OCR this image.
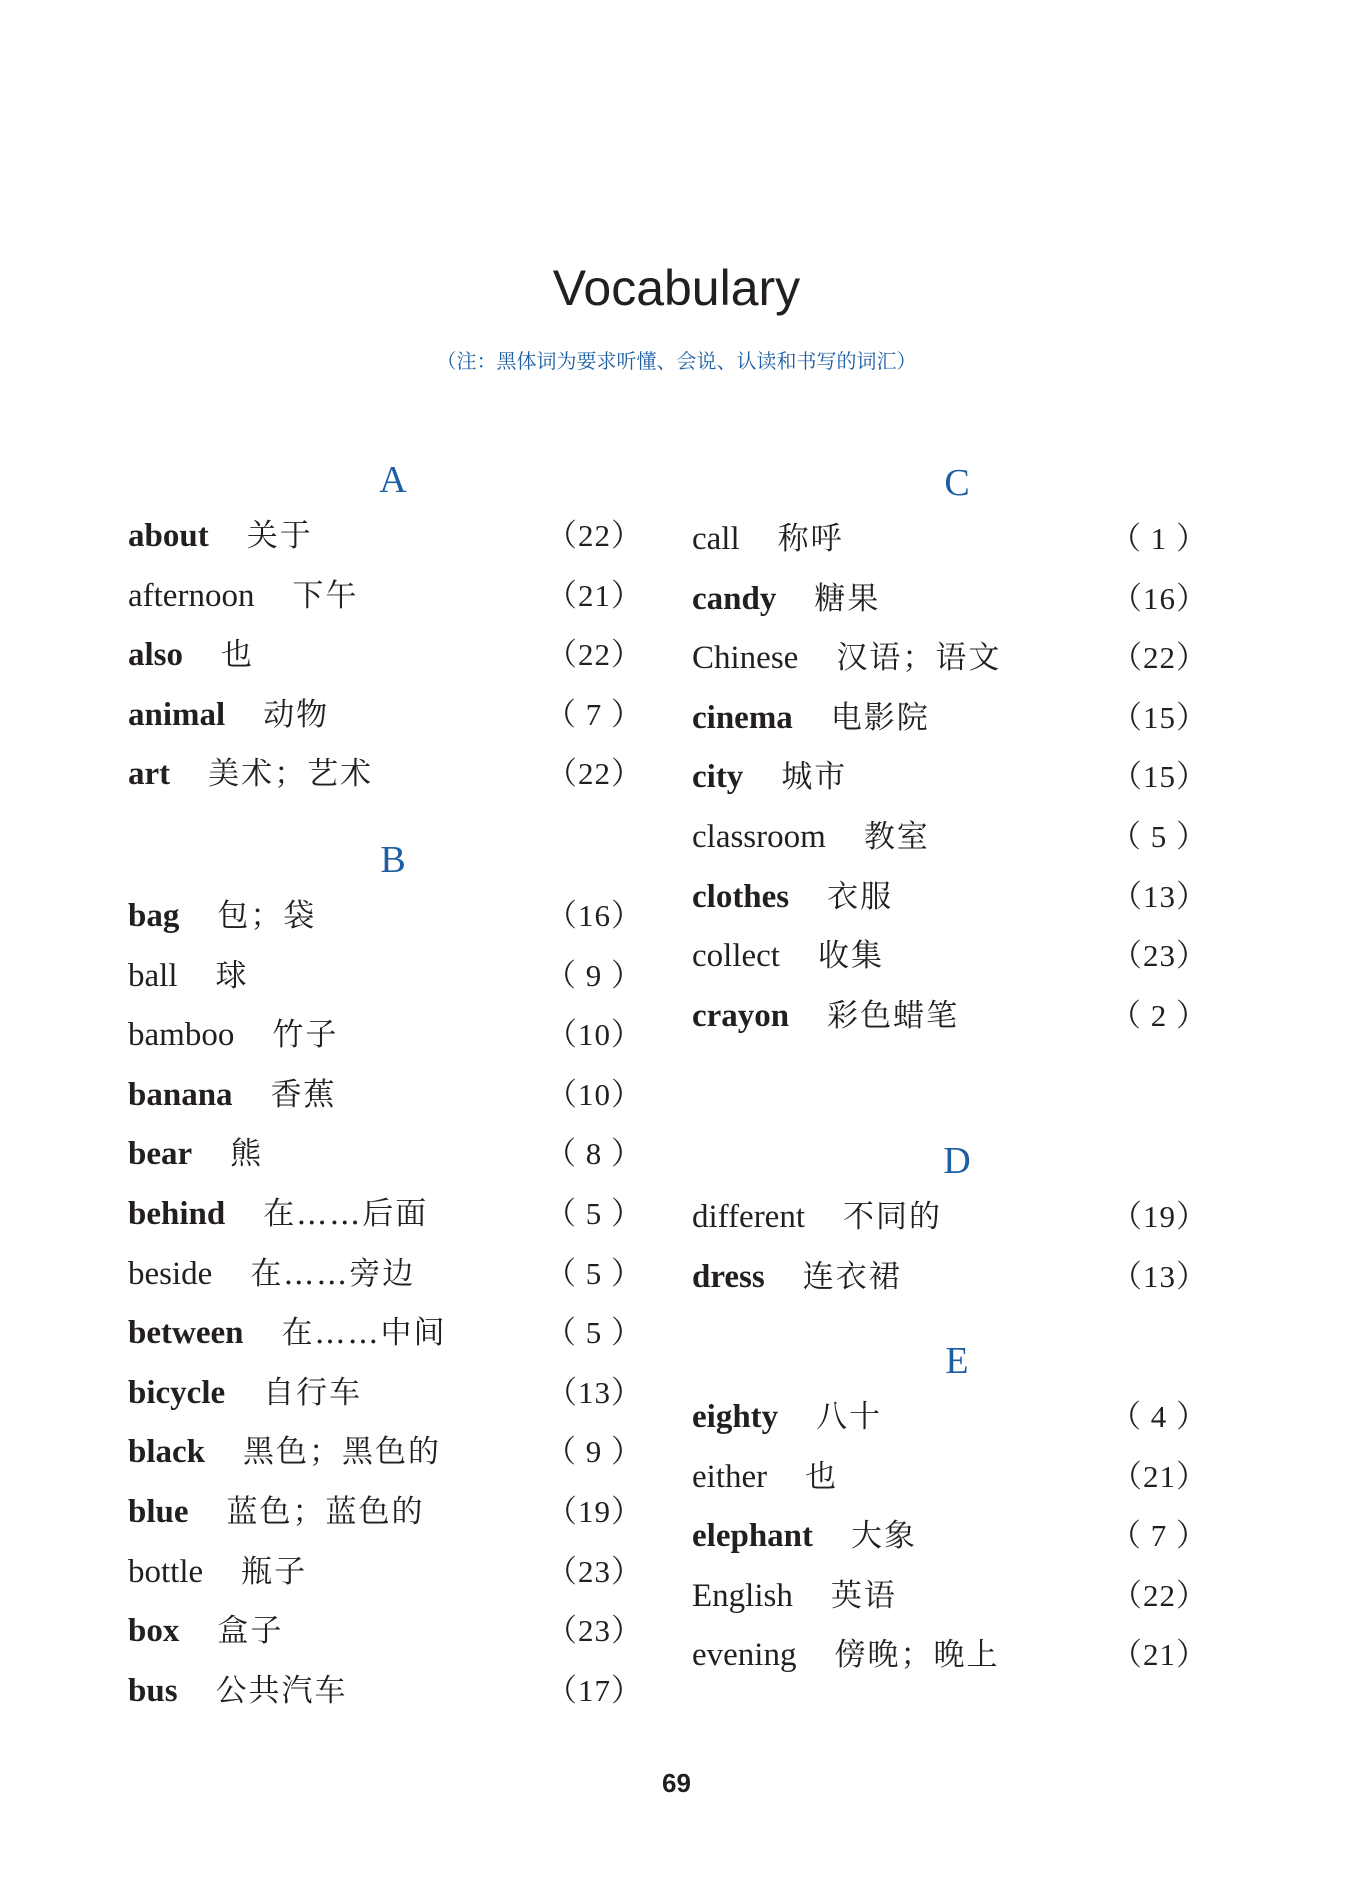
Vocabulary
（注：黑体词为要求听懂、会说、认读和书写的词汇）
A
about 关于	（22）
afternoon 下午	（21）
also 也	（22）
animal 动物	（ 7 ）
art 美术；艺术	（22）
B
bag 包；袋	（16）
ball 球	（ 9 ）
bamboo 竹子	（10）
banana 香蕉	（10）
bear 熊	（ 8 ）
behind 在……后面	（ 5 ）
beside 在……旁边	（ 5 ）
between 在……中间	（ 5 ）
bicycle 自行车	（13）
black 黑色；黑色的	（ 9 ）
blue 蓝色；蓝色的	（19）
bottle 瓶子	（23）
box 盒子	（23）
bus 公共汽车	（17）
C
call 称呼	（ 1 ）
candy 糖果	（16）
Chinese 汉语；语文	（22）
cinema 电影院	（15）
city 城市	（15）
classroom 教室	（ 5 ）
clothes 衣服	（13）
collect 收集	（23）
crayon 彩色蜡笔	（ 2 ）
D
different 不同的	（19）
dress 连衣裙	（13）
E
eighty 八十	（ 4 ）
either 也	（21）
elephant 大象	（ 7 ）
English 英语	（22）
evening 傍晚；晚上	（21）
69
